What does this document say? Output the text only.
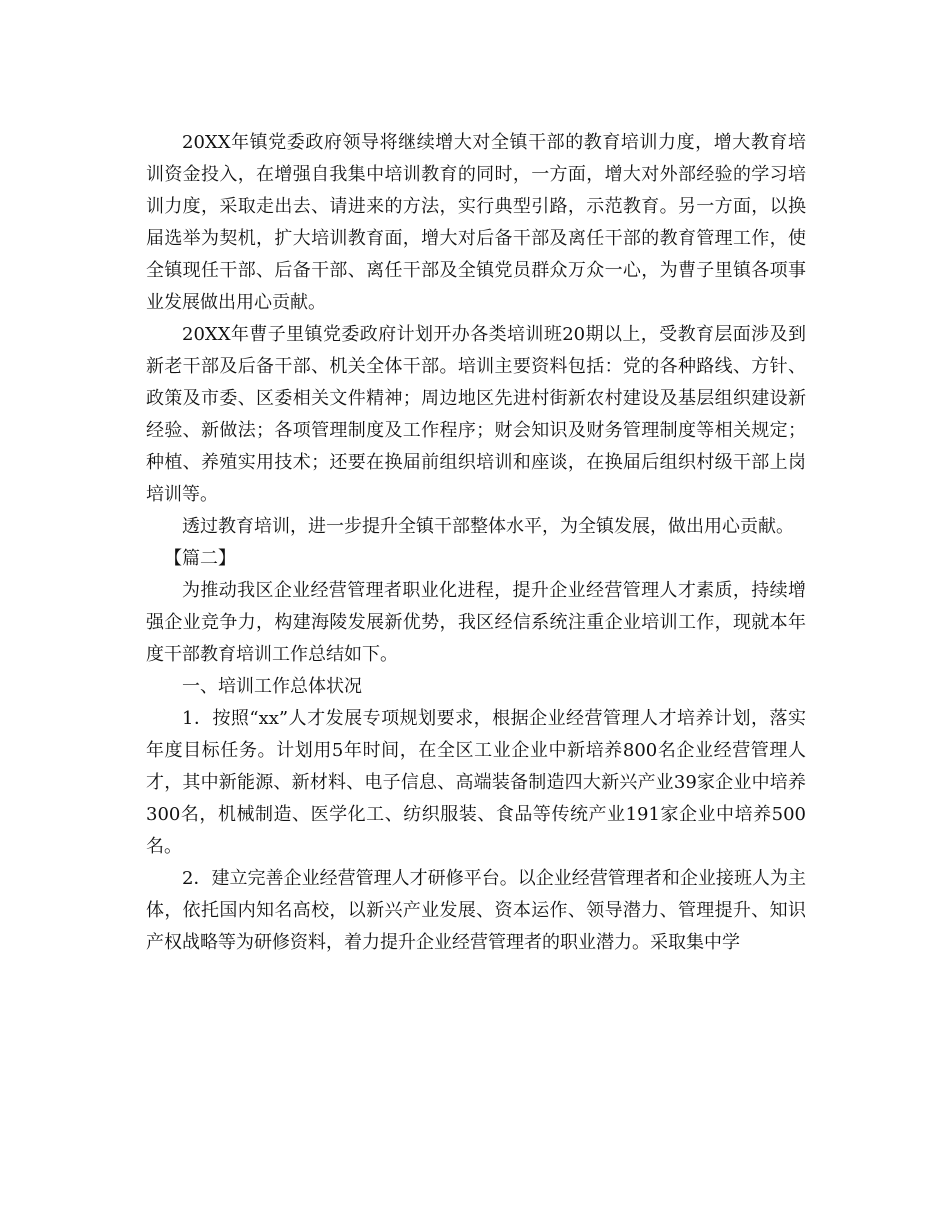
20XX年镇党委政府领导将继续增大对全镇干部的教育培训力度，增大教育培训资金投入，在增强自我集中培训教育的同时，一方面，增大对外部经验的学习培训力度，采取走出去、请进来的方法，实行典型引路，示范教育。另一方面，以换届选举为契机，扩大培训教育面，增大对后备干部及离任干部的教育管理工作，使全镇现任干部、后备干部、离任干部及全镇党员群众万众一心，为曹子里镇各项事业发展做出用心贡献。

20XX年曹子里镇党委政府计划开办各类培训班20期以上，受教育层面涉及到新老干部及后备干部、机关全体干部。培训主要资料包括：党的各种路线、方针、政策及市委、区委相关文件精神；周边地区先进村街新农村建设及基层组织建设新经验、新做法；各项管理制度及工作程序；财会知识及财务管理制度等相关规定；种植、养殖实用技术；还要在换届前组织培训和座谈，在换届后组织村级干部上岗培训等。

透过教育培训，进一步提升全镇干部整体水平，为全镇发展，做出用心贡献。

【篇二】

为推动我区企业经营管理者职业化进程，提升企业经营管理人才素质，持续增强企业竞争力，构建海陵发展新优势，我区经信系统注重企业培训工作，现就本年度干部教育培训工作总结如下。

一、培训工作总体状况

1．按照“xx”人才发展专项规划要求，根据企业经营管理人才培养计划，落实年度目标任务。计划用5年时间，在全区工业企业中新培养800名企业经营管理人才，其中新能源、新材料、电子信息、高端装备制造四大新兴产业39家企业中培养300名，机械制造、医学化工、纺织服装、食品等传统产业191家企业中培养500名。

2．建立完善企业经营管理人才研修平台。以企业经营管理者和企业接班人为主体，依托国内知名高校，以新兴产业发展、资本运作、领导潜力、管理提升、知识产权战略等为研修资料，着力提升企业经营管理者的职业潜力。采取集中学
